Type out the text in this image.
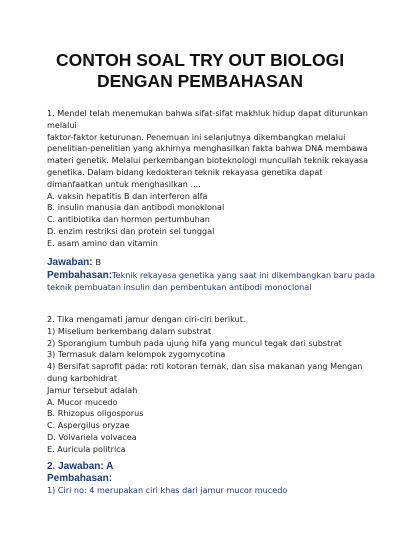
CONTOH SOAL TRY OUT BIOLOGI
DENGAN PEMBAHASAN
1. Mendel telah menemukan bahwa sifat-sifat makhluk hidup dapat diturunkan
melalui
faktor-faktor keturunan. Penemuan ini selanjutnya dikembangkan melalui
penelitian-penelitian yang akhirnya menghasilkan fakta bahwa DNA membawa
materi genetik. Melalui perkembangan bioteknologi muncullah teknik rekayasa
genetika. Dalam bidang kedokteran teknik rekayasa genetika dapat
dimanfaatkan untuk menghasilkan ....
A. vaksin hepatitis B dan interferon alfa
B. insulin manusia dan antibodi monoklonal
C. antibiotika dan hormon pertumbuhan
D. enzim restriksi dan protein sel tunggal
E. asam amino dan vitamin
Jawaban: B
Pembahasan:Teknik rekayasa genetika yang saat ini dikembangkan baru pada teknik pembuatan insulin dan pembentukan antibodi monoclonal
2. Tika mengamati jamur dengan ciri-ciri berikut.
1) Miselium berkembang dalam substrat
2) Sporangium tumbuh pada ujung hifa yang muncul tegak dari substrat
3) Termasuk dalam kelompok zygomycotina
4) Bersifat saprofit pada: roti kotoran ternak, dan sisa makanan yang Mengan
dung karbohidrat
Jamur tersebut adalah
A. Mucor mucedo
B. Rhizopus oligosporus
C. Aspergilus oryzae
D. Volvariela volvacea
E. Auricula politrica
2. Jawaban: A
Pembahasan:
1) Ciri no: 4 merupakan ciri khas dari jamur mucor mucedo
